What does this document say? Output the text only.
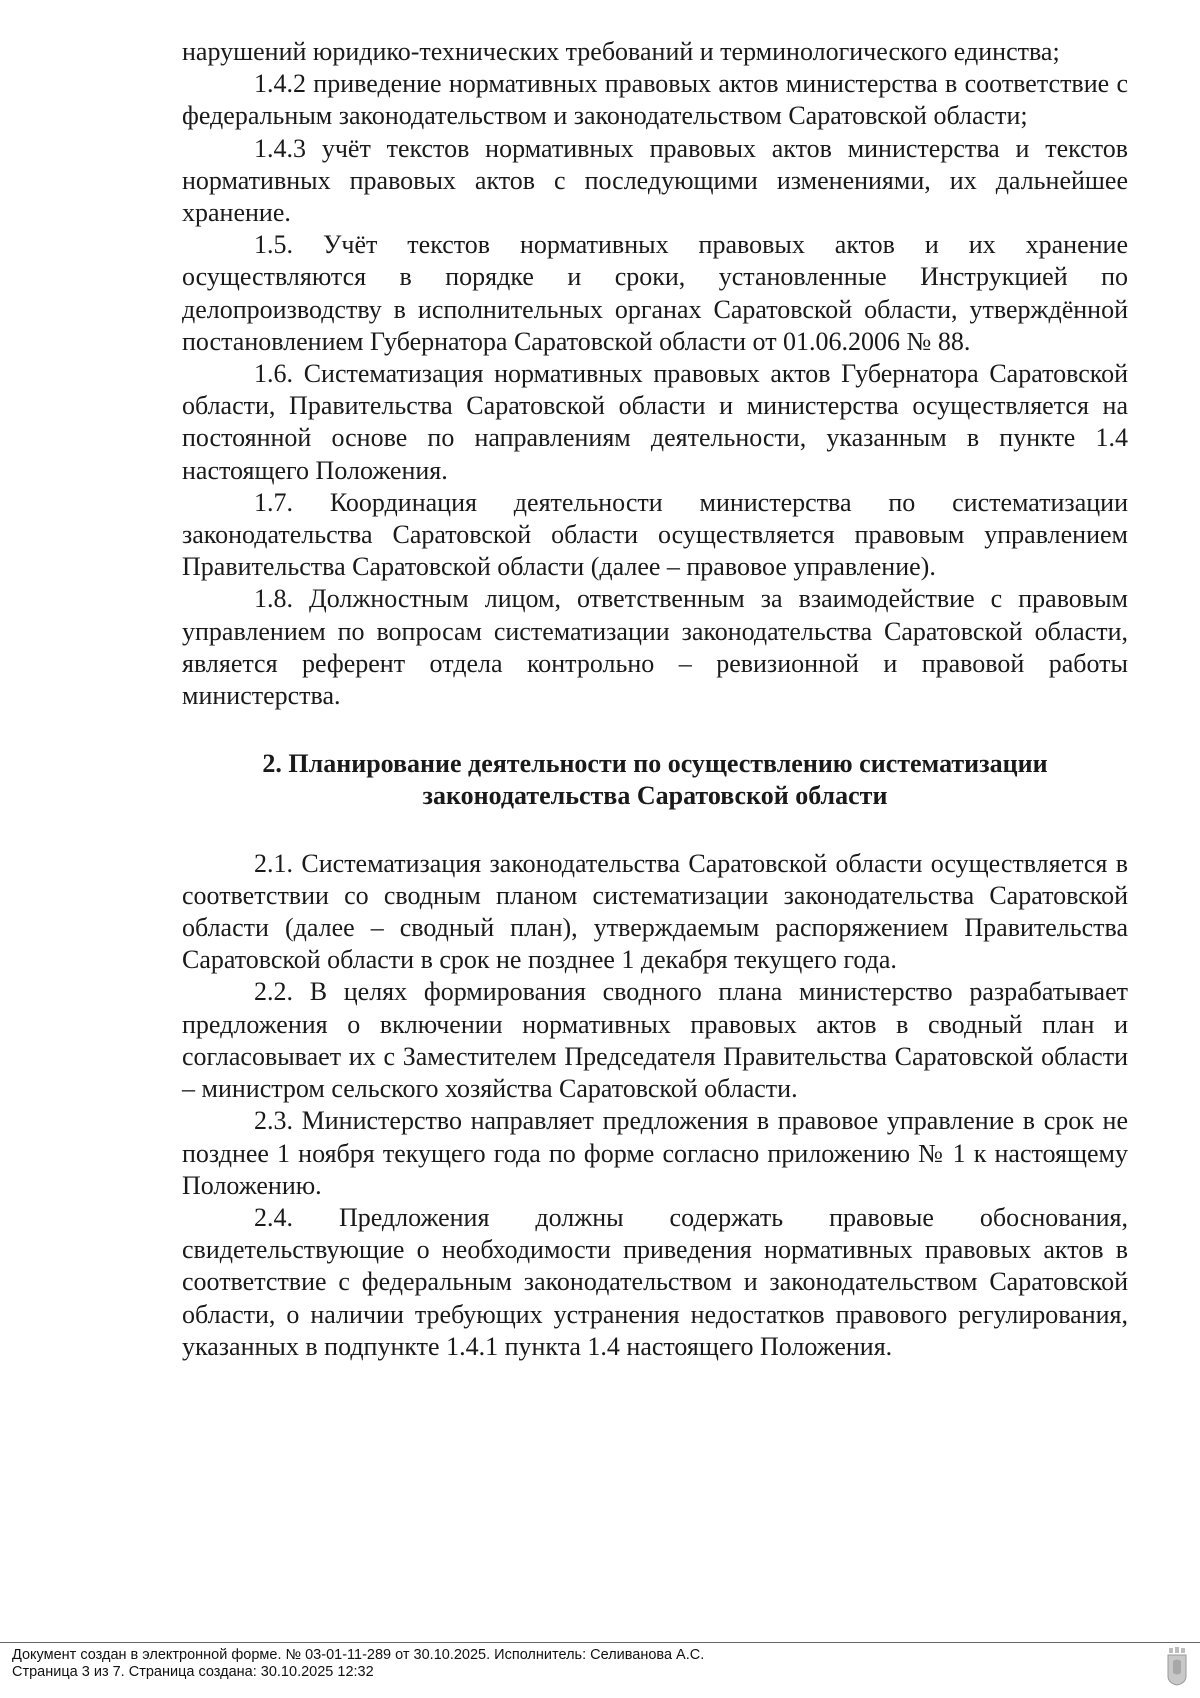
нарушений юридико-технических требований и терминологического единства;

1.4.2 приведение нормативных правовых актов министерства в соответствие с федеральным законодательством и законодательством Саратовской области;

1.4.3 учёт текстов нормативных правовых актов министерства и текстов нормативных правовых актов с последующими изменениями, их дальнейшее хранение.

1.5. Учёт текстов нормативных правовых актов и их хранение осуществляются в порядке и сроки, установленные Инструкцией по делопроизводству в исполнительных органах Саратовской области, утверждённой постановлением Губернатора Саратовской области от 01.06.2006 № 88.

1.6. Систематизация нормативных правовых актов Губернатора Саратовской области, Правительства Саратовской области и министерства осуществляется на постоянной основе по направлениям деятельности, указанным в пункте 1.4 настоящего Положения.

1.7. Координация деятельности министерства по систематизации законодательства Саратовской области осуществляется правовым управлением Правительства Саратовской области (далее – правовое управление).

1.8. Должностным лицом, ответственным за взаимодействие с правовым управлением по вопросам систематизации законодательства Саратовской области, является референт отдела контрольно – ревизионной и правовой работы министерства.

2. Планирование деятельности по осуществлению систематизации
законодательства Саратовской области

2.1. Систематизация законодательства Саратовской области осуществляется в соответствии со сводным планом систематизации законодательства Саратовской области (далее – сводный план), утверждаемым распоряжением Правительства Саратовской области в срок не позднее 1 декабря текущего года.

2.2. В целях формирования сводного плана министерство разрабатывает предложения о включении нормативных правовых актов в сводный план и согласовывает их с Заместителем Председателя Правительства Саратовской области – министром сельского хозяйства Саратовской области.

2.3. Министерство направляет предложения в правовое управление в срок не позднее 1 ноября текущего года по форме согласно приложению № 1 к настоящему Положению.

2.4. Предложения должны содержать правовые обоснования, свидетельствующие о необходимости приведения нормативных правовых актов в соответствие с федеральным законодательством и законодательством Саратовской области, о наличии требующих устранения недостатков правового регулирования, указанных в подпункте 1.4.1 пункта 1.4 настоящего Положения.

Документ создан в электронной форме. № 03-01-11-289 от 30.10.2025. Исполнитель: Селиванова А.С.
Страница 3 из 7. Страница создана: 30.10.2025 12:32
